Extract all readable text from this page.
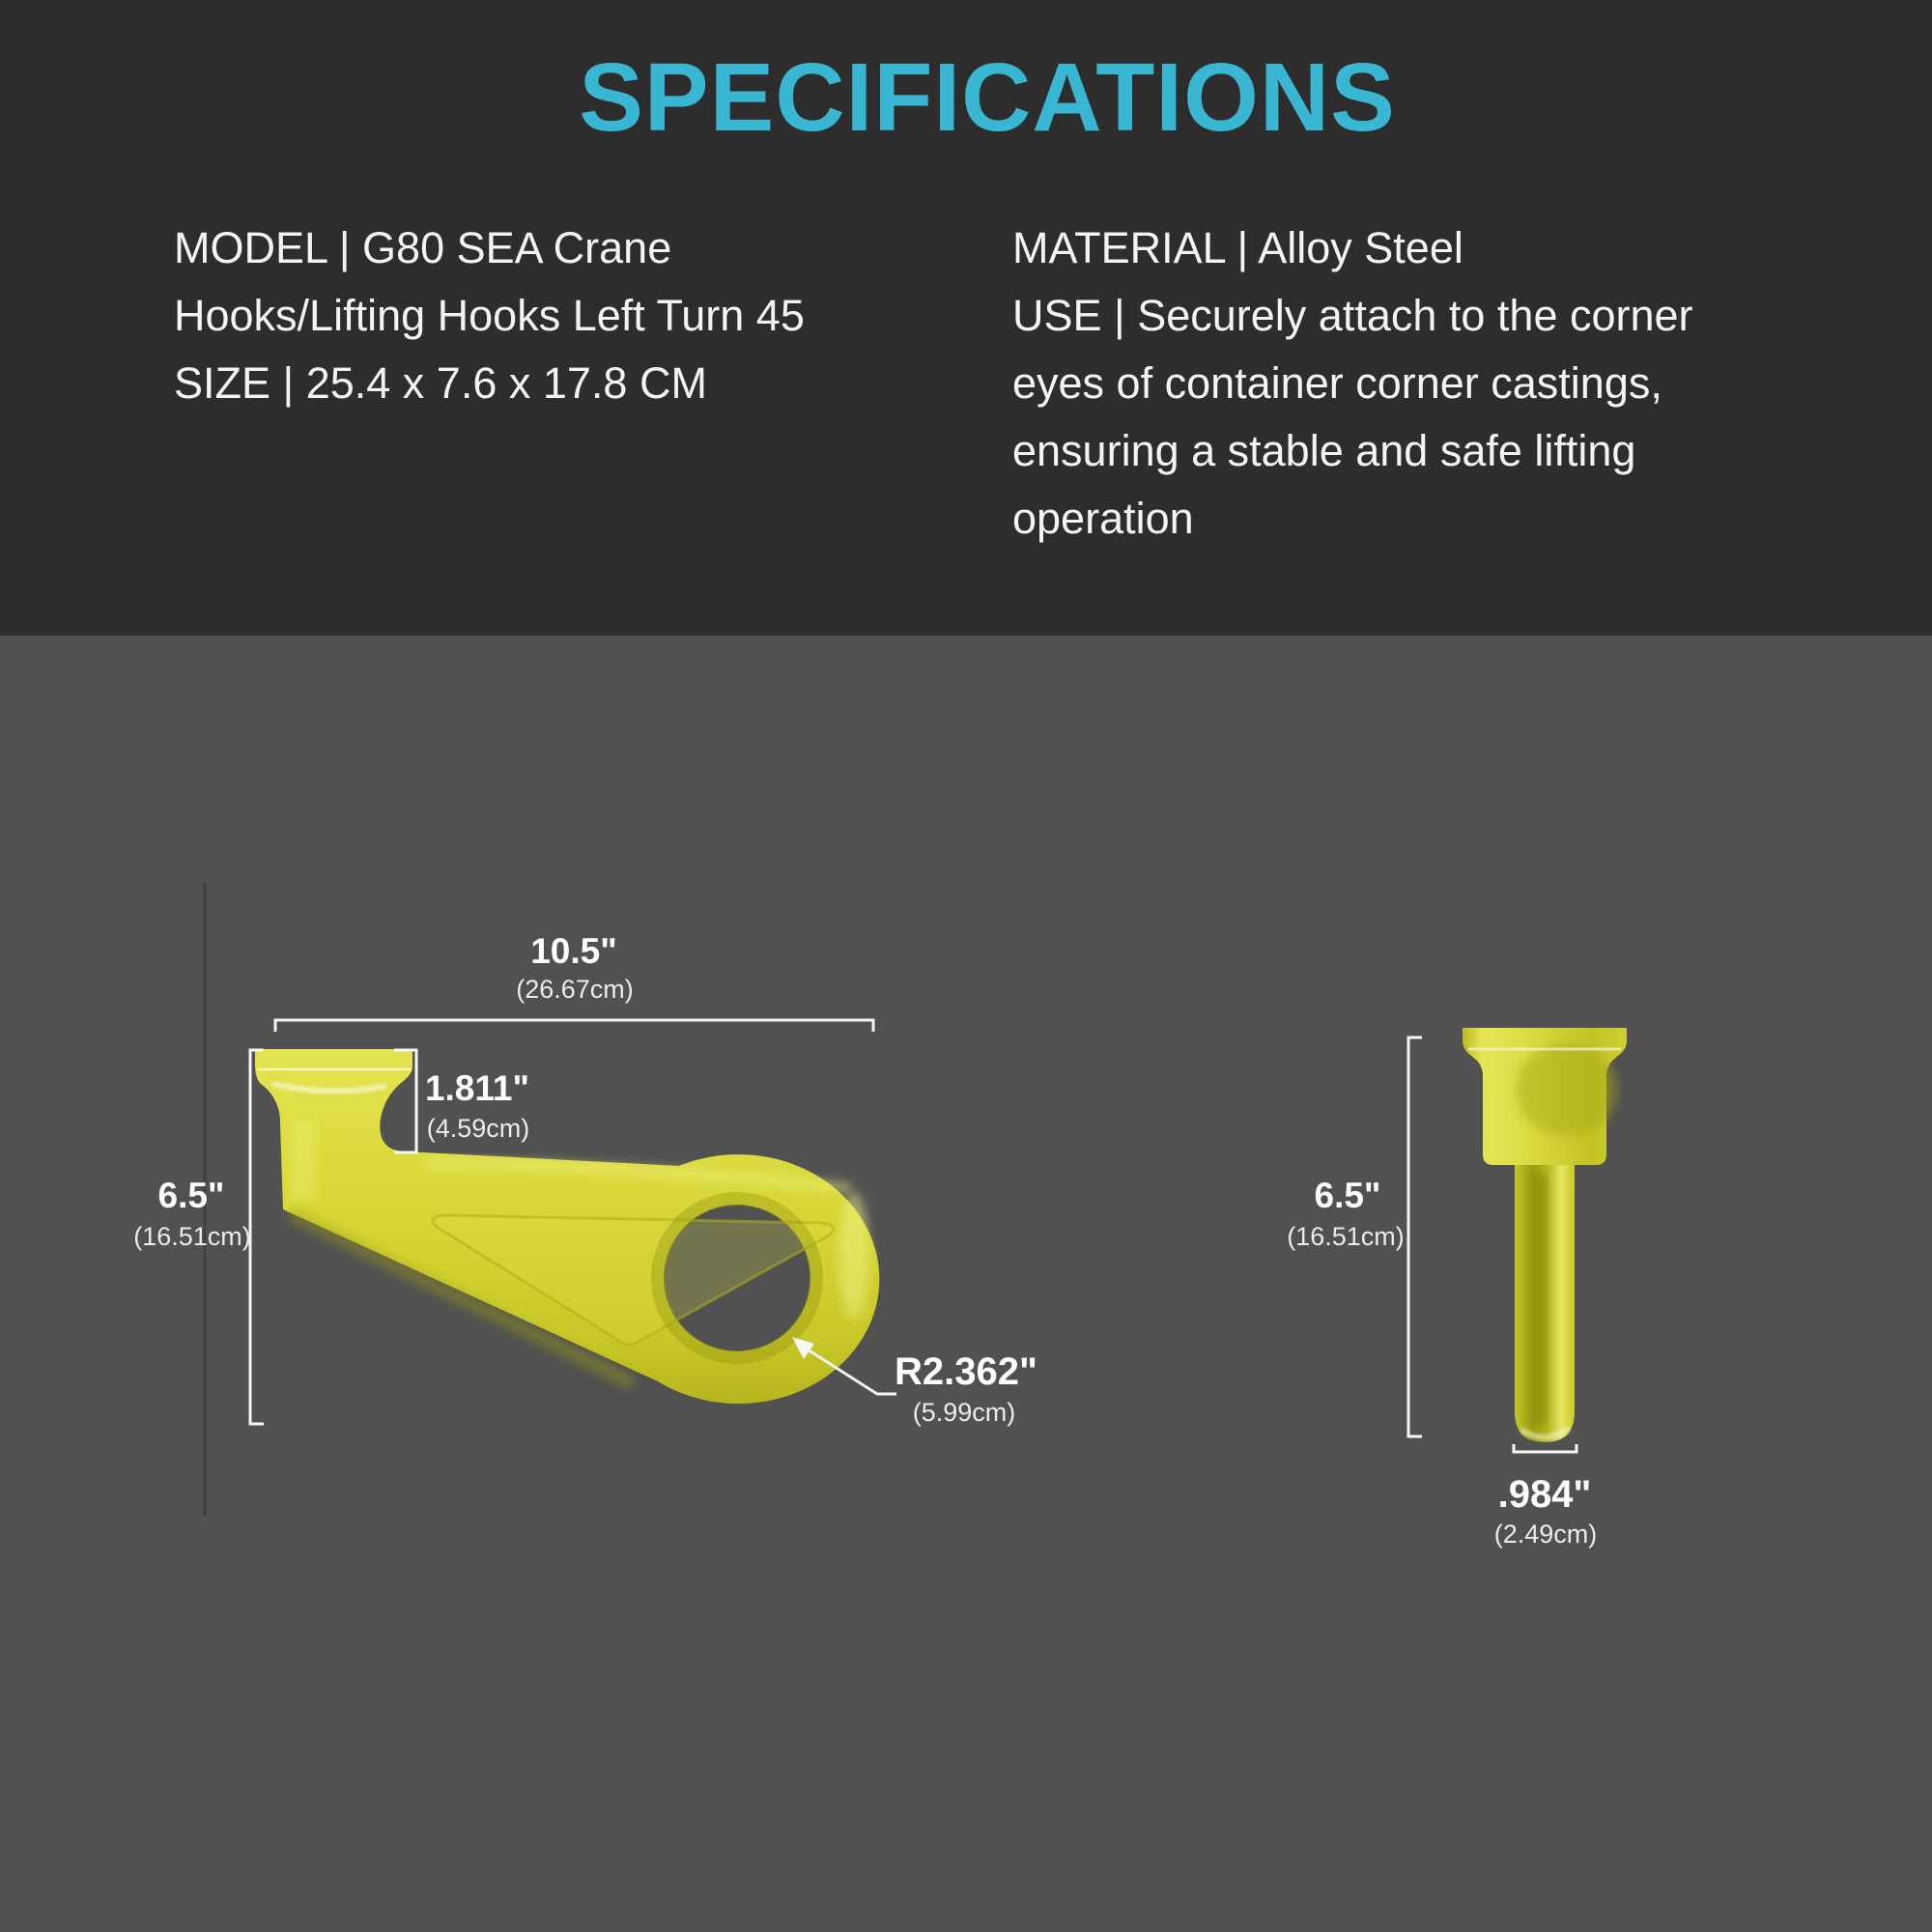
SPECIFICATIONS
MODEL | G80 SEA Crane
Hooks/Lifting Hooks Left Turn 45
SIZE | 25.4 x 7.6 x 17.8 CM
MATERIAL | Alloy Steel
USE | Securely attach to the corner
eyes of container corner castings,
ensuring a stable and safe lifting
operation
10.5"
(26.67cm)
1.811"
(4.59cm)
6.5"
(16.51cm)
R2.362"
(5.99cm)
6.5"
(16.51cm)
.984"
(2.49cm)
